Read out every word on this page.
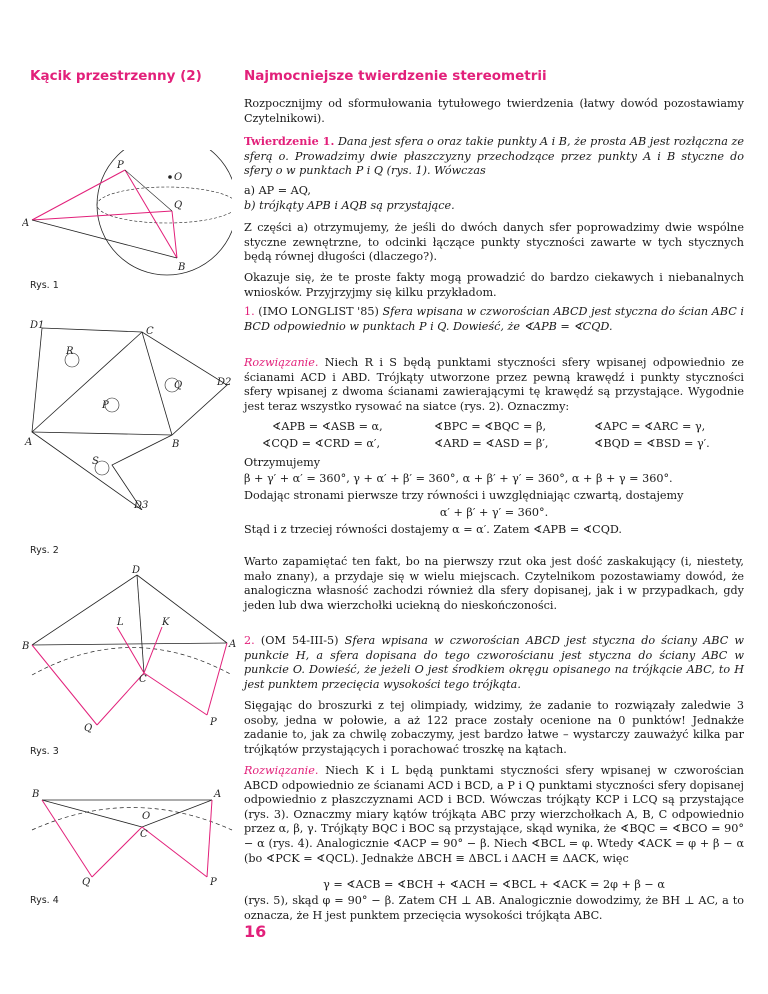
Kącik przestrzenny (2)	Najmocniejsze twierdzenie stereometrii
Rozpocznijmy od sformułowania tytułowego twierdzenia (łatwy dowód pozostawiamy Czytelnikowi).
Twierdzenie 1. Dana jest sfera o oraz takie punkty A i B, że prosta AB jest rozłączna ze sferą o. Prowadzimy dwie płaszczyzny przechodzące przez punkty A i B styczne do sfery o w punktach P i Q (rys. 1). Wówczas
a) AP = AQ,
b) trójkąty APB i AQB są przystające.
Z części a) otrzymujemy, że jeśli do dwóch danych sfer poprowadzimy dwie wspólne styczne zewnętrzne, to odcinki łączące punkty styczności zawarte w tych stycznych będą równej długości (dlaczego?).
Okazuje się, że te proste fakty mogą prowadzić do bardzo ciekawych i niebanalnych wniosków. Przyjrzyjmy się kilku przykładom.
1. (IMO LONGLIST '85) Sfera wpisana w czworościan ABCD jest styczna do ścian ABC i BCD odpowiednio w punktach P i Q. Dowieść, że ∢APB = ∢CQD.
Rozwiązanie. Niech R i S będą punktami styczności sfery wpisanej odpowiednio ze ścianami ACD i ABD. Trójkąty utworzone przez pewną krawędź i punkty styczności sfery wpisanej z dwoma ścianami zawierającymi tę krawędź są przystające. Wygodnie jest teraz wszystko rysować na siatce (rys. 2). Oznaczmy:
∢APB = ∢ASB = α,	∢BPC = ∢BQC = β,	∢APC = ∢ARC = γ,
∢CQD = ∢CRD = α′,	∢ARD = ∢ASD = β′,	∢BQD = ∢BSD = γ′.
Otrzymujemy
β + γ′ + α′ = 360°, γ + α′ + β′ = 360°, α + β′ + γ′ = 360°, α + β + γ = 360°.
Dodając stronami pierwsze trzy równości i uwzględniając czwartą, dostajemy
α′ + β′ + γ′ = 360°.
Stąd i z trzeciej równości dostajemy α = α′. Zatem ∢APB = ∢CQD.
Warto zapamiętać ten fakt, bo na pierwszy rzut oka jest dość zaskakujący (i, niestety, mało znany), a przydaje się w wielu miejscach. Czytelnikom pozostawiamy dowód, że analogiczna własność zachodzi również dla sfery dopisanej, jak i w przypadkach, gdy jeden lub dwa wierzchołki uciekną do nieskończoności.
2. (OM 54-III-5) Sfera wpisana w czworościan ABCD jest styczna do ściany ABC w punkcie H, a sfera dopisana do tego czworościanu jest styczna do ściany ABC w punkcie O. Dowieść, że jeżeli O jest środkiem okręgu opisanego na trójkącie ABC, to H jest punktem przecięcia wysokości tego trójkąta.
Sięgając do broszurki z tej olimpiady, widzimy, że zadanie to rozwiązały zaledwie 3 osoby, jedna w połowie, a aż 122 prace zostały ocenione na 0 punktów! Jednakże zadanie to, jak za chwilę zobaczymy, jest bardzo łatwe – wystarczy zauważyć kilka par trójkątów przystających i porachować troszkę na kątach.
Rozwiązanie. Niech K i L będą punktami styczności sfery wpisanej w czworościan ABCD odpowiednio ze ścianami ACD i BCD, a P i Q punktami styczności sfery dopisanej odpowiednio z płaszczyznami ACD i BCD. Wówczas trójkąty KCP i LCQ są przystające (rys. 3). Oznaczmy miary kątów trójkąta ABC przy wierzchołkach A, B, C odpowiednio przez α, β, γ. Trójkąty BQC i BOC są przystające, skąd wynika, że ∢BQC = ∢BCO = 90° − α (rys. 4). Analogicznie ∢ACP = 90° − β. Niech ∢BCL = φ. Wtedy ∢ACK = φ + β − α (bo ∢PCK = ∢QCL). Jednakże ΔBCH ≡ ΔBCL i ΔACH ≡ ΔACK, więc
γ = ∢ACB = ∢BCH + ∢ACH = ∢BCL + ∢ACK = 2φ + β − α
(rys. 5), skąd φ = 90° − β. Zatem CH ⊥ AB. Analogicznie dowodzimy, że BH ⊥ AC, a to oznacza, że H jest punktem przecięcia wysokości trójkąta ABC.
16
P
O
Q
A
B
Rys. 1
D1
C
R
D2
Q
P
A	B
S
D3
Rys. 2
D
L	K
B	A
C
Q
P
Rys. 3
B	A
O
C
Q	P
Rys. 4
